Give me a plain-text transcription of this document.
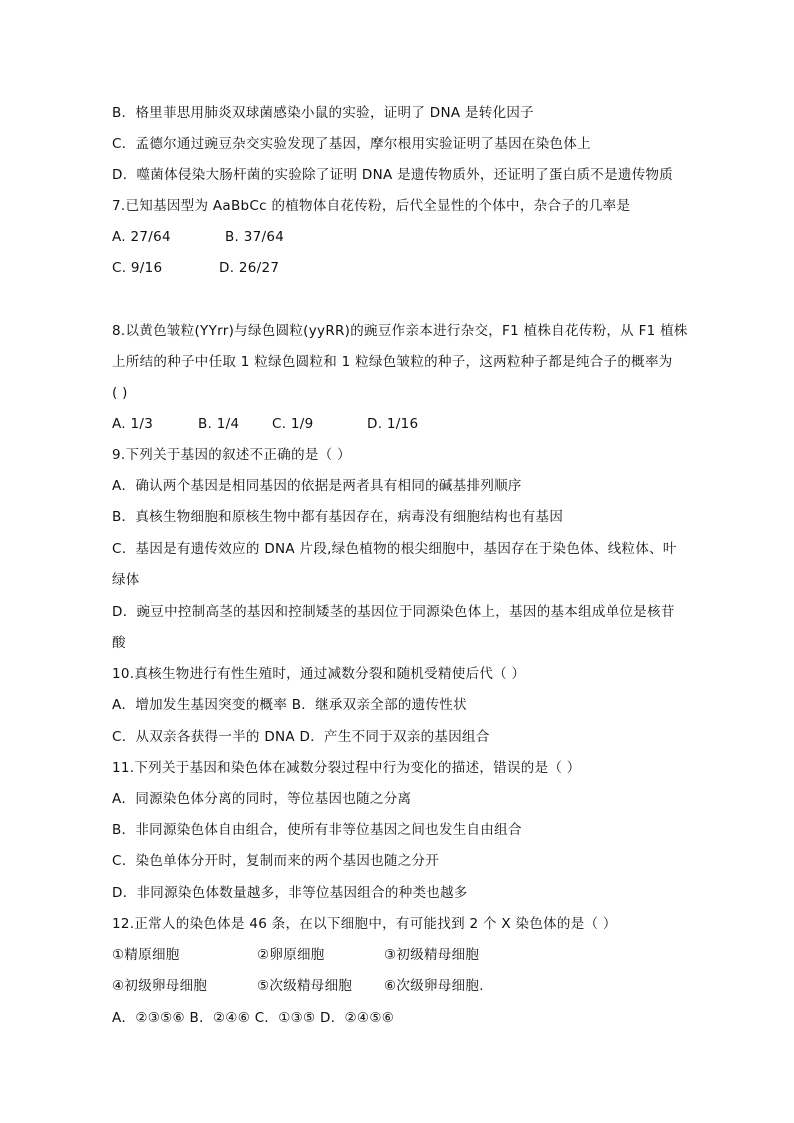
B．格里菲思用肺炎双球菌感染小鼠的实验，证明了 DNA 是转化因子
C．孟德尔通过豌豆杂交实验发现了基因，摩尔根用实验证明了基因在染色体上
D．噬菌体侵染大肠杆菌的实验除了证明 DNA 是遗传物质外，还证明了蛋白质不是遗传物质
7.已知基因型为 AaBbCc 的植物体自花传粉，后代全显性的个体中，杂合子的几率是
A. 27/64	B. 37/64
C. 9/16	D. 26/27
8.以黄色皱粒(YYrr)与绿色圆粒(yyRR)的豌豆作亲本进行杂交，F1 植株自花传粉，从 F1 植株
上所结的种子中任取 1 粒绿色圆粒和 1 粒绿色皱粒的种子，这两粒种子都是纯合子的概率为
( )
A. 1/3	B. 1/4 C. 1/9	D. 1/16
9.下列关于基因的叙述不正确的是（ ）
A．确认两个基因是相同基因的依据是两者具有相同的碱基排列顺序
B．真核生物细胞和原核生物中都有基因存在，病毒没有细胞结构也有基因
C．基因是有遗传效应的 DNA 片段,绿色植物的根尖细胞中，基因存在于染色体、线粒体、叶
绿体
D．豌豆中控制高茎的基因和控制矮茎的基因位于同源染色体上，基因的基本组成单位是核苷
酸
10.真核生物进行有性生殖时，通过减数分裂和随机受精使后代（ ）
A．增加发生基因突变的概率 B．继承双亲全部的遗传性状
C．从双亲各获得一半的 DNA D．产生不同于双亲的基因组合
11.下列关于基因和染色体在减数分裂过程中行为变化的描述，错误的是（ ）
A．同源染色体分离的同时，等位基因也随之分离
B．非同源染色体自由组合，使所有非等位基因之间也发生自由组合
C．染色单体分开时，复制而来的两个基因也随之分开
D．非同源染色体数量越多，非等位基因组合的种类也越多
12.正常人的染色体是 46 条，在以下细胞中，有可能找到 2 个 X 染色体的是（ ）
①精原细胞	②卵原细胞	③初级精母细胞
④初级卵母细胞	⑤次级精母细胞 ⑥次级卵母细胞.
A．②③⑤⑥ B．②④⑥ C．①③⑤ D．②④⑤⑥
